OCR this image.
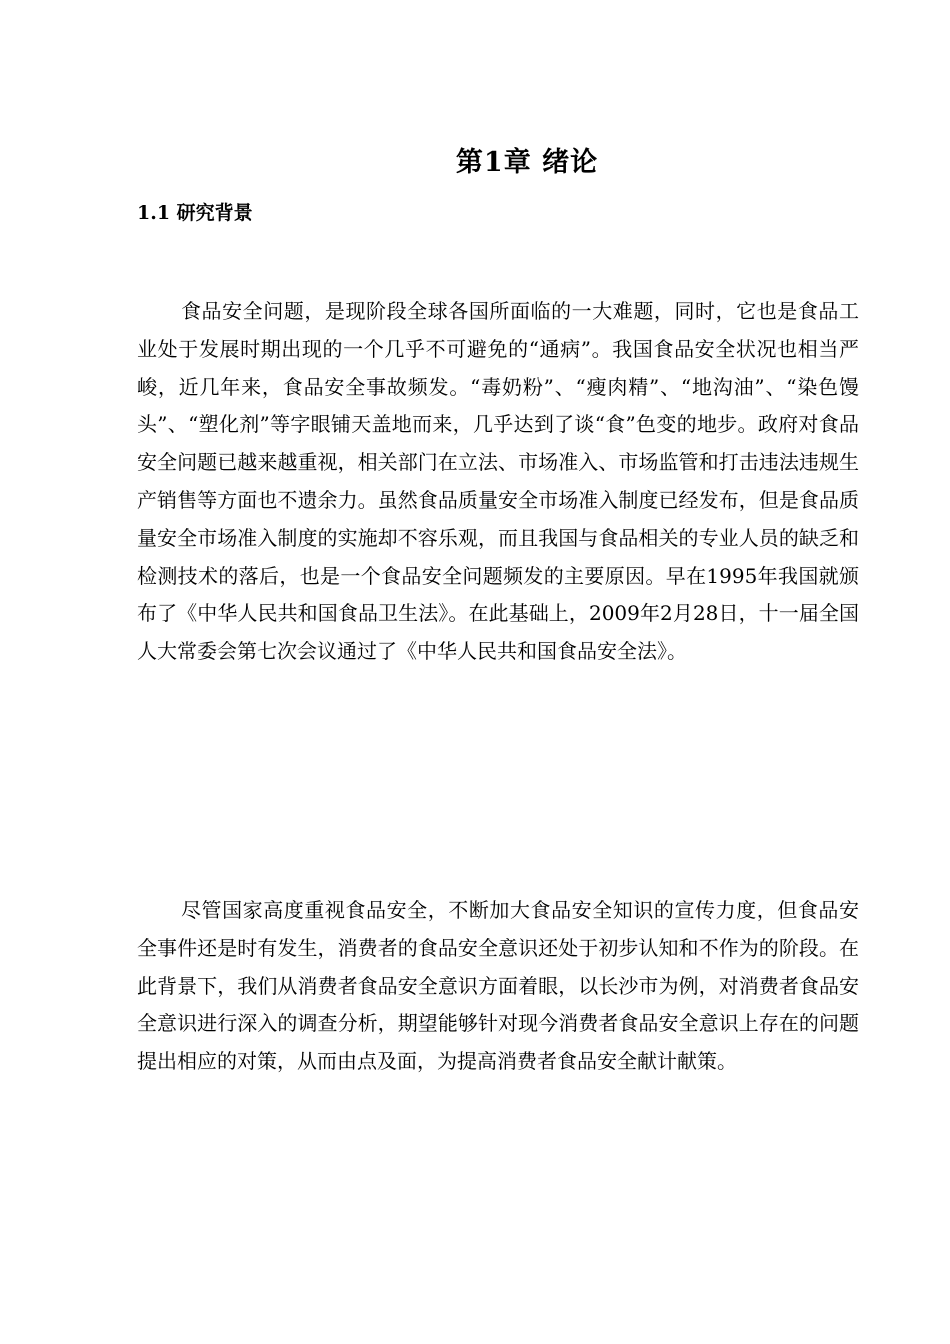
第1章 绪论
1.1 研究背景

食品安全问题，是现阶段全球各国所面临的一大难题，同时，它也是食品工业处于发展时期出现的一个几乎不可避免的“通病”。我国食品安全状况也相当严峻，近几年来，食品安全事故频发。“毒奶粉”、“瘦肉精”、“地沟油”、“染色馒头”、“塑化剂”等字眼铺天盖地而来，几乎达到了谈“食”色变的地步。政府对食品安全问题已越来越重视，相关部门在立法、市场准入、市场监管和打击违法违规生产销售等方面也不遗余力。虽然食品质量安全市场准入制度已经发布，但是食品质量安全市场准入制度的实施却不容乐观，而且我国与食品相关的专业人员的缺乏和检测技术的落后，也是一个食品安全问题频发的主要原因。早在1995年我国就颁布了《中华人民共和国食品卫生法》。在此基础上，2009年2月28日，十一届全国人大常委会第七次会议通过了《中华人民共和国食品安全法》。

尽管国家高度重视食品安全，不断加大食品安全知识的宣传力度，但食品安全事件还是时有发生，消费者的食品安全意识还处于初步认知和不作为的阶段。在此背景下，我们从消费者食品安全意识方面着眼，以长沙市为例，对消费者食品安全意识进行深入的调查分析，期望能够针对现今消费者食品安全意识上存在的问题提出相应的对策，从而由点及面，为提高消费者食品安全献计献策。
